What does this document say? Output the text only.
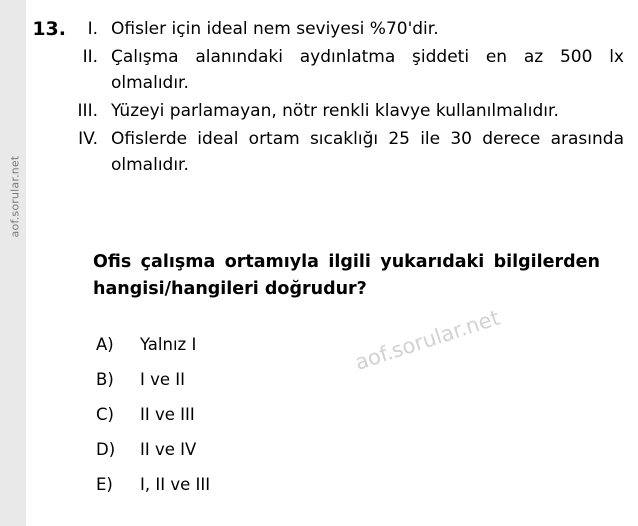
aof.sorular.net
aof.sorular.net
13.	I. Ofisler için ideal nem seviyesi %70'dir.
II. Çalışma alanındaki aydınlatma şiddeti en az 500 lx olmalıdır.
III. Yüzeyi parlamayan, nötr renkli klavye kullanılmalıdır.
IV. Ofislerde ideal ortam sıcaklığı 25 ile 30 derece arasında olmalıdır.
Ofis çalışma ortamıyla ilgili yukarıdaki bilgilerden hangisi/hangileri doğrudur?
A)	Yalnız I
B)	I ve II
C)	II ve III
D)	II ve IV
E)	I, II ve III
